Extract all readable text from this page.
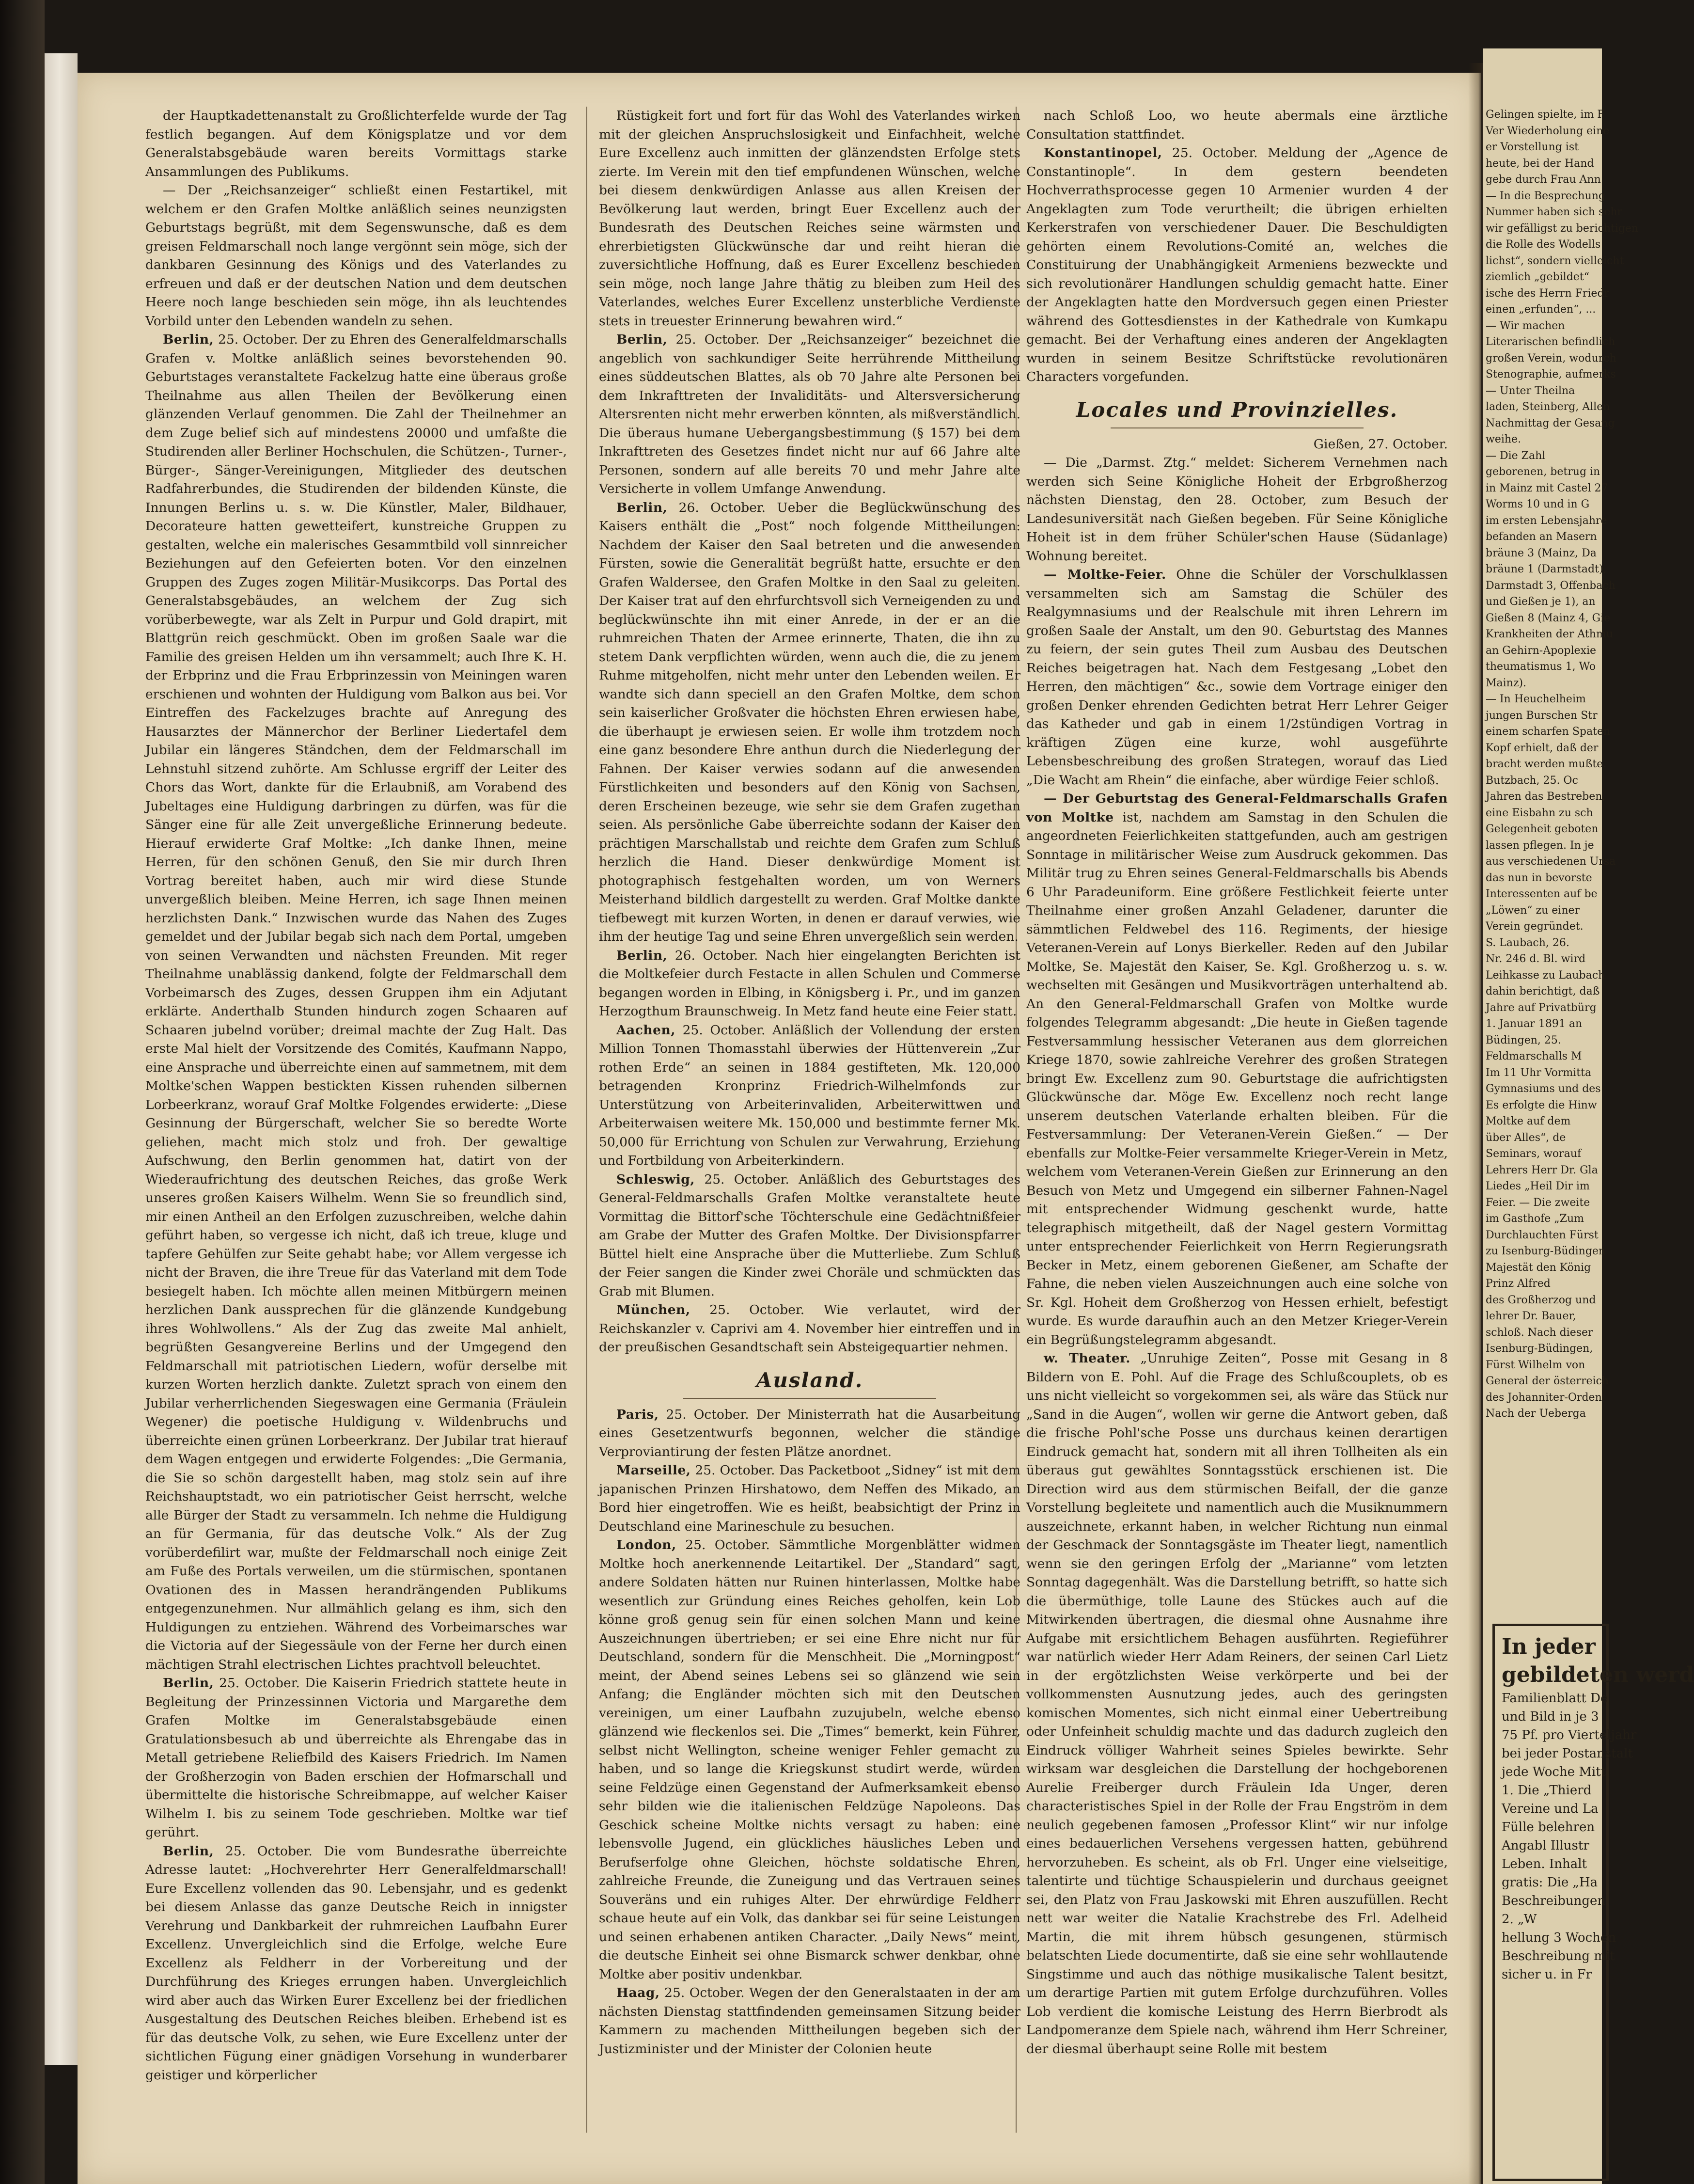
der Hauptkadettenanstalt zu Großlichterfelde wurde der Tag festlich begangen. Auf dem Königsplatze und vor dem Generalstabsgebäude waren bereits Vormittags starke Ansammlungen des Publikums.

— Der „Reichsanzeiger“ schließt einen Festartikel, mit welchem er den Grafen Moltke anläßlich seines neunzigsten Geburtstags begrüßt, mit dem Segenswunsche, daß es dem greisen Feldmarschall noch lange vergönnt sein möge, sich der dankbaren Gesinnung des Königs und des Vaterlandes zu erfreuen und daß er der deutschen Nation und dem deutschen Heere noch lange beschieden sein möge, ihn als leuchtendes Vorbild unter den Lebenden wandeln zu sehen.

Berlin, 25. October. Der zu Ehren des Generalfeldmarschalls Grafen v. Moltke anläßlich seines bevorstehenden 90. Geburtstages veranstaltete Fackelzug hatte eine überaus große Theilnahme aus allen Theilen der Bevölkerung einen glänzenden Verlauf genommen. Die Zahl der Theilnehmer an dem Zuge belief sich auf mindestens 20000 und umfaßte die Studirenden aller Berliner Hochschulen, die Schützen-, Turner-, Bürger-, Sänger-Vereinigungen, Mitglieder des deutschen Radfahrerbundes, die Studirenden der bildenden Künste, die Innungen Berlins u. s. w. Die Künstler, Maler, Bildhauer, Decorateure hatten gewetteifert, kunstreiche Gruppen zu gestalten, welche ein malerisches Gesammtbild voll sinnreicher Beziehungen auf den Gefeierten boten. Vor den einzelnen Gruppen des Zuges zogen Militär-Musikcorps. Das Portal des Generalstabsgebäudes, an welchem der Zug sich vorüberbewegte, war als Zelt in Purpur und Gold drapirt, mit Blattgrün reich geschmückt. Oben im großen Saale war die Familie des greisen Helden um ihn versammelt; auch Ihre K. H. der Erbprinz und die Frau Erbprinzessin von Meiningen waren erschienen und wohnten der Huldigung vom Balkon aus bei. Vor Eintreffen des Fackelzuges brachte auf Anregung des Hausarztes der Männerchor der Berliner Liedertafel dem Jubilar ein längeres Ständchen, dem der Feldmarschall im Lehnstuhl sitzend zuhörte. Am Schlusse ergriff der Leiter des Chors das Wort, dankte für die Erlaubniß, am Vorabend des Jubeltages eine Huldigung darbringen zu dürfen, was für die Sänger eine für alle Zeit unvergeßliche Erinnerung bedeute. Hierauf erwiderte Graf Moltke: „Ich danke Ihnen, meine Herren, für den schönen Genuß, den Sie mir durch Ihren Vortrag bereitet haben, auch mir wird diese Stunde unvergeßlich bleiben. Meine Herren, ich sage Ihnen meinen herzlichsten Dank.“ Inzwischen wurde das Nahen des Zuges gemeldet und der Jubilar begab sich nach dem Portal, umgeben von seinen Verwandten und nächsten Freunden. Mit reger Theilnahme unablässig dankend, folgte der Feldmarschall dem Vorbeimarsch des Zuges, dessen Gruppen ihm ein Adjutant erklärte. Anderthalb Stunden hindurch zogen Schaaren auf Schaaren jubelnd vorüber; dreimal machte der Zug Halt. Das erste Mal hielt der Vorsitzende des Comités, Kaufmann Nappo, eine Ansprache und überreichte einen auf sammetnem, mit dem Moltke'schen Wappen bestickten Kissen ruhenden silbernen Lorbeerkranz, worauf Graf Moltke Folgendes erwiderte: „Diese Gesinnung der Bürgerschaft, welcher Sie so beredte Worte geliehen, macht mich stolz und froh. Der gewaltige Aufschwung, den Berlin genommen hat, datirt von der Wiederaufrichtung des deutschen Reiches, das große Werk unseres großen Kaisers Wilhelm. Wenn Sie so freundlich sind, mir einen Antheil an den Erfolgen zuzuschreiben, welche dahin geführt haben, so vergesse ich nicht, daß ich treue, kluge und tapfere Gehülfen zur Seite gehabt habe; vor Allem vergesse ich nicht der Braven, die ihre Treue für das Vaterland mit dem Tode besiegelt haben. Ich möchte allen meinen Mitbürgern meinen herzlichen Dank aussprechen für die glänzende Kundgebung ihres Wohlwollens.“ Als der Zug das zweite Mal anhielt, begrüßten Gesangvereine Berlins und der Umgegend den Feldmarschall mit patriotischen Liedern, wofür derselbe mit kurzen Worten herzlich dankte. Zuletzt sprach von einem den Jubilar verherrlichenden Siegeswagen eine Germania (Fräulein Wegener) die poetische Huldigung v. Wildenbruchs und überreichte einen grünen Lorbeerkranz. Der Jubilar trat hierauf dem Wagen entgegen und erwiderte Folgendes: „Die Germania, die Sie so schön dargestellt haben, mag stolz sein auf ihre Reichshauptstadt, wo ein patriotischer Geist herrscht, welche alle Bürger der Stadt zu versammeln. Ich nehme die Huldigung an für Germania, für das deutsche Volk.“ Als der Zug vorüberdefilirt war, mußte der Feldmarschall noch einige Zeit am Fuße des Portals verweilen, um die stürmischen, spontanen Ovationen des in Massen herandrängenden Publikums entgegenzunehmen. Nur allmählich gelang es ihm, sich den Huldigungen zu entziehen. Während des Vorbeimarsches war die Victoria auf der Siegessäule von der Ferne her durch einen mächtigen Strahl electrischen Lichtes prachtvoll beleuchtet.

Berlin, 25. October. Die Kaiserin Friedrich stattete heute in Begleitung der Prinzessinnen Victoria und Margarethe dem Grafen Moltke im Generalstabsgebäude einen Gratulationsbesuch ab und überreichte als Ehrengabe das in Metall getriebene Reliefbild des Kaisers Friedrich. Im Namen der Großherzogin von Baden erschien der Hofmarschall und übermittelte die historische Schreibmappe, auf welcher Kaiser Wilhelm I. bis zu seinem Tode geschrieben. Moltke war tief gerührt.

Berlin, 25. October. Die vom Bundesrathe überreichte Adresse lautet: „Hochverehrter Herr Generalfeldmarschall! Eure Excellenz vollenden das 90. Lebensjahr, und es gedenkt bei diesem Anlasse das ganze Deutsche Reich in innigster Verehrung und Dankbarkeit der ruhmreichen Laufbahn Eurer Excellenz. Unvergleichlich sind die Erfolge, welche Eure Excellenz als Feldherr in der Vorbereitung und der Durchführung des Krieges errungen haben. Unvergleichlich wird aber auch das Wirken Eurer Excellenz bei der friedlichen Ausgestaltung des Deutschen Reiches bleiben. Erhebend ist es für das deutsche Volk, zu sehen, wie Eure Excellenz unter der sichtlichen Fügung einer gnädigen Vorsehung in wunderbarer geistiger und körperlicher

Rüstigkeit fort und fort für das Wohl des Vaterlandes wirken mit der gleichen Anspruchslosigkeit und Einfachheit, welche Eure Excellenz auch inmitten der glänzendsten Erfolge stets zierte. Im Verein mit den tief empfundenen Wünschen, welche bei diesem denkwürdigen Anlasse aus allen Kreisen der Bevölkerung laut werden, bringt Euer Excellenz auch der Bundesrath des Deutschen Reiches seine wärmsten und ehrerbietigsten Glückwünsche dar und reiht hieran die zuversichtliche Hoffnung, daß es Eurer Excellenz beschieden sein möge, noch lange Jahre thätig zu bleiben zum Heil des Vaterlandes, welches Eurer Excellenz unsterbliche Verdienste stets in treuester Erinnerung bewahren wird.“

Berlin, 25. October. Der „Reichsanzeiger“ bezeichnet die angeblich von sachkundiger Seite herrührende Mittheilung eines süddeutschen Blattes, als ob 70 Jahre alte Personen bei dem Inkrafttreten der Invaliditäts- und Altersversicherung Altersrenten nicht mehr erwerben könnten, als mißverständlich. Die überaus humane Uebergangsbestimmung (§ 157) bei dem Inkrafttreten des Gesetzes findet nicht nur auf 66 Jahre alte Personen, sondern auf alle bereits 70 und mehr Jahre alte Versicherte in vollem Umfange Anwendung.

Berlin, 26. October. Ueber die Beglückwünschung des Kaisers enthält die „Post“ noch folgende Mittheilungen: Nachdem der Kaiser den Saal betreten und die anwesenden Fürsten, sowie die Generalität begrüßt hatte, ersuchte er den Grafen Waldersee, den Grafen Moltke in den Saal zu geleiten. Der Kaiser trat auf den ehrfurchtsvoll sich Verneigenden zu und beglückwünschte ihn mit einer Anrede, in der er an die ruhmreichen Thaten der Armee erinnerte, Thaten, die ihn zu stetem Dank verpflichten würden, wenn auch die, die zu jenem Ruhme mitgeholfen, nicht mehr unter den Lebenden weilen. Er wandte sich dann speciell an den Grafen Moltke, dem schon sein kaiserlicher Großvater die höchsten Ehren erwiesen habe, die überhaupt je erwiesen seien. Er wolle ihm trotzdem noch eine ganz besondere Ehre anthun durch die Niederlegung der Fahnen. Der Kaiser verwies sodann auf die anwesenden Fürstlichkeiten und besonders auf den König von Sachsen, deren Erscheinen bezeuge, wie sehr sie dem Grafen zugethan seien. Als persönliche Gabe überreichte sodann der Kaiser den prächtigen Marschallstab und reichte dem Grafen zum Schluß herzlich die Hand. Dieser denkwürdige Moment ist photographisch festgehalten worden, um von Werners Meisterhand bildlich dargestellt zu werden. Graf Moltke dankte tiefbewegt mit kurzen Worten, in denen er darauf verwies, wie ihm der heutige Tag und seine Ehren unvergeßlich sein werden.

Berlin, 26. October. Nach hier eingelangten Berichten ist die Moltkefeier durch Festacte in allen Schulen und Commerse begangen worden in Elbing, in Königsberg i. Pr., und im ganzen Herzogthum Braunschweig. In Metz fand heute eine Feier statt.

Aachen, 25. October. Anläßlich der Vollendung der ersten Million Tonnen Thomasstahl überwies der Hüttenverein „Zur rothen Erde“ an seinen in 1884 gestifteten, Mk. 120,000 betragenden Kronprinz Friedrich-Wilhelmfonds zur Unterstützung von Arbeiterinvaliden, Arbeiterwittwen und Arbeiterwaisen weitere Mk. 150,000 und bestimmte ferner Mk. 50,000 für Errichtung von Schulen zur Verwahrung, Erziehung und Fortbildung von Arbeiterkindern.

Schleswig, 25. October. Anläßlich des Geburtstages des General-Feldmarschalls Grafen Moltke veranstaltete heute Vormittag die Bittorf'sche Töchterschule eine Gedächtnißfeier am Grabe der Mutter des Grafen Moltke. Der Divisionspfarrer Büttel hielt eine Ansprache über die Mutterliebe. Zum Schluß der Feier sangen die Kinder zwei Choräle und schmückten das Grab mit Blumen.

München, 25. October. Wie verlautet, wird der Reichskanzler v. Caprivi am 4. November hier eintreffen und in der preußischen Gesandtschaft sein Absteigequartier nehmen.

Ausland.

Paris, 25. October. Der Ministerrath hat die Ausarbeitung eines Gesetzentwurfs begonnen, welcher die ständige Verproviantirung der festen Plätze anordnet.

Marseille, 25. October. Das Packetboot „Sidney“ ist mit dem japanischen Prinzen Hirshatowo, dem Neffen des Mikado, an Bord hier eingetroffen. Wie es heißt, beabsichtigt der Prinz in Deutschland eine Marineschule zu besuchen.

London, 25. October. Sämmtliche Morgenblätter widmen Moltke hoch anerkennende Leitartikel. Der „Standard“ sagt, andere Soldaten hätten nur Ruinen hinterlassen, Moltke habe wesentlich zur Gründung eines Reiches geholfen, kein Lob könne groß genug sein für einen solchen Mann und keine Auszeichnungen übertrieben; er sei eine Ehre nicht nur für Deutschland, sondern für die Menschheit. Die „Morningpost“ meint, der Abend seines Lebens sei so glänzend wie sein Anfang; die Engländer möchten sich mit den Deutschen vereinigen, um einer Laufbahn zuzujubeln, welche ebenso glänzend wie fleckenlos sei. Die „Times“ bemerkt, kein Führer, selbst nicht Wellington, scheine weniger Fehler gemacht zu haben, und so lange die Kriegskunst studirt werde, würden seine Feldzüge einen Gegenstand der Aufmerksamkeit ebenso sehr bilden wie die italienischen Feldzüge Napoleons. Das Geschick scheine Moltke nichts versagt zu haben: eine lebensvolle Jugend, ein glückliches häusliches Leben und Berufserfolge ohne Gleichen, höchste soldatische Ehren, zahlreiche Freunde, die Zuneigung und das Vertrauen seines Souveräns und ein ruhiges Alter. Der ehrwürdige Feldherr schaue heute auf ein Volk, das dankbar sei für seine Leistungen und seinen erhabenen antiken Character. „Daily News“ meint, die deutsche Einheit sei ohne Bismarck schwer denkbar, ohne Moltke aber positiv undenkbar.

Haag, 25. October. Wegen der den Generalstaaten in der am nächsten Dienstag stattfindenden gemeinsamen Sitzung beider Kammern zu machenden Mittheilungen begeben sich der Justizminister und der Minister der Colonien heute

nach Schloß Loo, wo heute abermals eine ärztliche Consultation stattfindet.

Konstantinopel, 25. October. Meldung der „Agence de Constantinople“. In dem gestern beendeten Hochverrathsprocesse gegen 10 Armenier wurden 4 der Angeklagten zum Tode verurtheilt; die übrigen erhielten Kerkerstrafen von verschiedener Dauer. Die Beschuldigten gehörten einem Revolutions-Comité an, welches die Constituirung der Unabhängigkeit Armeniens bezweckte und sich revolutionärer Handlungen schuldig gemacht hatte. Einer der Angeklagten hatte den Mordversuch gegen einen Priester während des Gottesdienstes in der Kathedrale von Kumkapu gemacht. Bei der Verhaftung eines anderen der Angeklagten wurden in seinem Besitze Schriftstücke revolutionären Characters vorgefunden.

Locales und Provinzielles.

Gießen, 27. October.

— Die „Darmst. Ztg.“ meldet: Sicherem Vernehmen nach werden sich Seine Königliche Hoheit der Erbgroßherzog nächsten Dienstag, den 28. October, zum Besuch der Landesuniversität nach Gießen begeben. Für Seine Königliche Hoheit ist in dem früher Schüler'schen Hause (Südanlage) Wohnung bereitet.

— Moltke-Feier. Ohne die Schüler der Vorschulklassen versammelten sich am Samstag die Schüler des Realgymnasiums und der Realschule mit ihren Lehrern im großen Saale der Anstalt, um den 90. Geburtstag des Mannes zu feiern, der sein gutes Theil zum Ausbau des Deutschen Reiches beigetragen hat. Nach dem Festgesang „Lobet den Herren, den mächtigen“ &c., sowie dem Vortrage einiger den großen Denker ehrenden Gedichten betrat Herr Lehrer Geiger das Katheder und gab in einem 1/2stündigen Vortrag in kräftigen Zügen eine kurze, wohl ausgeführte Lebensbeschreibung des großen Strategen, worauf das Lied „Die Wacht am Rhein“ die einfache, aber würdige Feier schloß.

— Der Geburtstag des General-Feldmarschalls Grafen von Moltke ist, nachdem am Samstag in den Schulen die angeordneten Feierlichkeiten stattgefunden, auch am gestrigen Sonntage in militärischer Weise zum Ausdruck gekommen. Das Militär trug zu Ehren seines General-Feldmarschalls bis Abends 6 Uhr Paradeuniform. Eine größere Festlichkeit feierte unter Theilnahme einer großen Anzahl Geladener, darunter die sämmtlichen Feldwebel des 116. Regiments, der hiesige Veteranen-Verein auf Lonys Bierkeller. Reden auf den Jubilar Moltke, Se. Majestät den Kaiser, Se. Kgl. Großherzog u. s. w. wechselten mit Gesängen und Musikvorträgen unterhaltend ab. An den General-Feldmarschall Grafen von Moltke wurde folgendes Telegramm abgesandt: „Die heute in Gießen tagende Festversammlung hessischer Veteranen aus dem glorreichen Kriege 1870, sowie zahlreiche Verehrer des großen Strategen bringt Ew. Excellenz zum 90. Geburtstage die aufrichtigsten Glückwünsche dar. Möge Ew. Excellenz noch recht lange unserem deutschen Vaterlande erhalten bleiben. Für die Festversammlung: Der Veteranen-Verein Gießen.“ — Der ebenfalls zur Moltke-Feier versammelte Krieger-Verein in Metz, welchem vom Veteranen-Verein Gießen zur Erinnerung an den Besuch von Metz und Umgegend ein silberner Fahnen-Nagel mit entsprechender Widmung geschenkt wurde, hatte telegraphisch mitgetheilt, daß der Nagel gestern Vormittag unter entsprechender Feierlichkeit von Herrn Regierungsrath Becker in Metz, einem geborenen Gießener, am Schafte der Fahne, die neben vielen Auszeichnungen auch eine solche von Sr. Kgl. Hoheit dem Großherzog von Hessen erhielt, befestigt wurde. Es wurde daraufhin auch an den Metzer Krieger-Verein ein Begrüßungstelegramm abgesandt.

w. Theater. „Unruhige Zeiten“, Posse mit Gesang in 8 Bildern von E. Pohl. Auf die Frage des Schlußcouplets, ob es uns nicht vielleicht so vorgekommen sei, als wäre das Stück nur „Sand in die Augen“, wollen wir gerne die Antwort geben, daß die frische Pohl'sche Posse uns durchaus keinen derartigen Eindruck gemacht hat, sondern mit all ihren Tollheiten als ein überaus gut gewähltes Sonntagsstück erschienen ist. Die Direction wird aus dem stürmischen Beifall, der die ganze Vorstellung begleitete und namentlich auch die Musiknummern auszeichnete, erkannt haben, in welcher Richtung nun einmal der Geschmack der Sonntagsgäste im Theater liegt, namentlich wenn sie den geringen Erfolg der „Marianne“ vom letzten Sonntag dagegenhält. Was die Darstellung betrifft, so hatte sich die übermüthige, tolle Laune des Stückes auch auf die Mitwirkenden übertragen, die diesmal ohne Ausnahme ihre Aufgabe mit ersichtlichem Behagen ausführten. Regieführer war natürlich wieder Herr Adam Reiners, der seinen Carl Lietz in der ergötzlichsten Weise verkörperte und bei der vollkommensten Ausnutzung jedes, auch des geringsten komischen Momentes, sich nicht einmal einer Uebertreibung oder Unfeinheit schuldig machte und das dadurch zugleich den Eindruck völliger Wahrheit seines Spieles bewirkte. Sehr wirksam war desgleichen die Darstellung der hochgeborenen Aurelie Freiberger durch Fräulein Ida Unger, deren characteristisches Spiel in der Rolle der Frau Engström in dem neulich gegebenen famosen „Professor Klint“ wir nur infolge eines bedauerlichen Versehens vergessen hatten, gebührend hervorzuheben. Es scheint, als ob Frl. Unger eine vielseitige, talentirte und tüchtige Schauspielerin und durchaus geeignet sei, den Platz von Frau Jaskowski mit Ehren auszufüllen. Recht nett war weiter die Natalie Krachstrebe des Frl. Adelheid Martin, die mit ihrem hübsch gesungenen, stürmisch belatschten Liede documentirte, daß sie eine sehr wohllautende Singstimme und auch das nöthige musikalische Talent besitzt, um derartige Partien mit gutem Erfolge durchzuführen. Volles Lob verdient die komische Leistung des Herrn Bierbrodt als Landpomeranze dem Spiele nach, während ihm Herr Schreiner, der diesmal überhaupt seine Rolle mit bestem

Gelingen spielte, im F

Ver Wiederholung eine

er Vorstellung ist

heute, bei der Hand

gebe durch Frau Ann

— In die Besprechung

Nummer haben sich sehr

wir gefälligst zu berichtigen

die Rolle des Wodells

lichst“, sondern vielleicht

ziemlich „gebildet“

ische des Herrn Friedr

einen „erfunden“, ...

— Wir machen

Literarischen befindlich

großen Verein, wodurch

Stenographie, aufmerks

— Unter Theilna

laden, Steinberg, Allen

Nachmittag der Gesang

weihe.

— Die Zahl

geborenen, betrug in

in Mainz mit Castel 27

Worms 10 und in G

im ersten Lebensjahre

befanden an Masern

bräune 3 (Mainz, Da

bräune 1 (Darmstadt),

Darmstadt 3, Offenbach

und Gießen je 1), an

Gießen 8 (Mainz 4, Gie

Krankheiten der Athmu

an Gehirn-Apoplexie

theumatismus 1, Wo

Mainz).

— In Heuchelheim

jungen Burschen Str

einem scharfen Spaten

Kopf erhielt, daß der

bracht werden mußte.

Butzbach, 25. Oc

Jahren das Bestreben,

eine Eisbahn zu sch

Gelegenheit geboten

lassen pflegen. In je

aus verschiedenen Ursa

das nun in bevorste

Interessenten auf be

„Löwen“ zu einer

Verein gegründet.

S. Laubach, 26.

Nr. 246 d. Bl. wird

Leihkasse zu Laubach

dahin berichtigt, daß

Jahre auf Privatbürg

1. Januar 1891 an

Büdingen, 25.

Feldmarschalls M

Im 11 Uhr Vormitta

Gymnasiums und des

Es erfolgte die Hinw

Moltke auf dem

über Alles“, de

Seminars, worauf

Lehrers Herr Dr. Gla

Liedes „Heil Dir im

Feier. — Die zweite

im Gasthofe „Zum

Durchlauchten Fürst

zu Isenburg-Büdingen

Majestät den König

Prinz Alfred

des Großherzog und

lehrer Dr. Bauer,

schloß. Nach dieser

Isenburg-Büdingen,

Fürst Wilhelm von

General der österreich

des Johanniter-Orden

Nach der Ueberga

In jeder
gebildeten werd
Familienblatt De
und Bild in je 3
75 Pf. pro Vierteljahr
bei jeder Postanstalt
jede Woche Mitt
1. Die „Thierd
Vereine und La
Fülle belehren
Angabl Illustr
Leben. Inhalt
gratis: Die „Ha
Beschreibungen
2. „W
hellung 3 Wochen
Beschreibung mit
sicher u. in Fr
